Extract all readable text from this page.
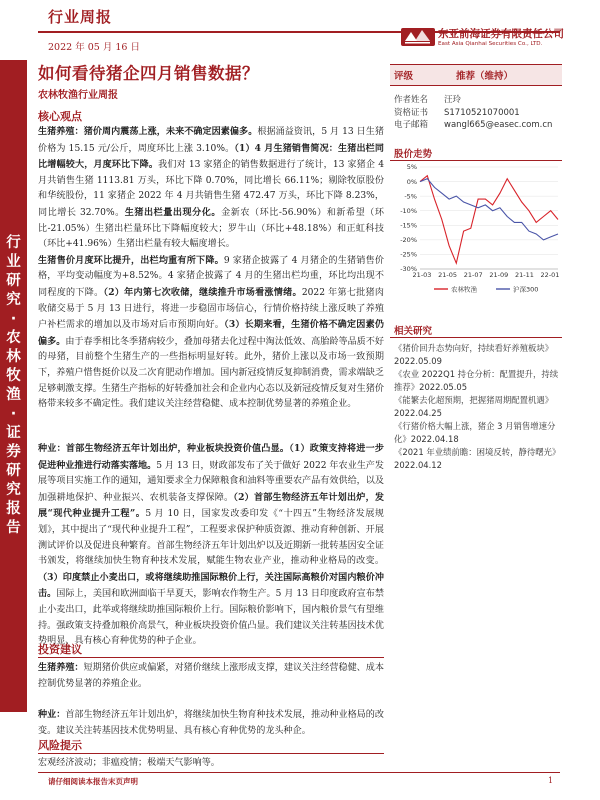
行业研究·农林牧渔·证券研究报告
行业周报
2022 年 05 月 16 日
东亚前海证券有限责任公司
East Asia Qianhai Securities Co., LTD.
如何看待猪企四月销售数据？
农林牧渔行业周报
核心观点
生猪养殖：猪价周内震荡上涨，未来不确定因素偏多。根据涌益资讯，5 月 13 日生猪价格为 15.15 元/公斤，周度环比上涨 3.10%。（1）4 月生猪销售简况：生猪出栏同比增幅较大，月度环比下降。我们对 13 家猪企的销售数据进行了统计，13 家猪企 4 月共销售生猪 1113.81 万头，环比下降 0.70%，同比增长 66.11%；剔除牧原股份和华统股份，11 家猪企 2022 年 4 月共销售生猪 472.47 万头，环比下降 8.23%，同比增长 32.70%。生猪出栏量出现分化。金新农（环比-56.90%）和新希望（环比-21.05%）生猪出栏量环比下降幅度较大；罗牛山（环比+48.18%）和正虹科技（环比+41.96%）生猪出栏量有较大幅度增长。
生猪售价月度环比提升，出栏均重有所下降。9 家猪企披露了 4 月猪企的生猪销售价格，平均变动幅度为+8.52%。4 家猪企披露了 4 月的生猪出栏均重，环比均出现不同程度的下降。（2）年内第七次收储，继续推升市场看涨情绪。2022 年第七批猪肉收储交易于 5 月 13 日进行，将进一步稳固市场信心，行情价格持续上涨反映了养殖户补栏需求的增加以及市场对后市预期向好。（3）长期来看，生猪价格不确定因素仍偏多。由于春季相比冬季猪病较少，叠加母猪去化过程中淘汰低效、高胎龄等品质不好的母猪，目前整个生猪生产的一些指标明显好转。此外，猪价上涨以及市场一致预期下，养殖户惜售挺价以及二次育肥动作增加。国内新冠疫情反复抑制消费，需求端缺乏足够刺激支撑。生猪生产指标的好转叠加社会和企业内心态以及新冠疫情反复对生猪价格带来较多不确定性。我们建议关注经营稳健、成本控制优势显著的养殖企业。
种业：首部生物经济五年计划出炉，种业板块投资价值凸显。（1）政策支持将进一步促进种业推进行动落实落地。5 月 13 日，财政部发布了关于做好 2022 年农业生产发展等项目实施工作的通知，通知要求全力保障粮食和油料等重要农产品有效供给，以及加强耕地保护、种业振兴、农机装备支撑保障。（2）首部生物经济五年计划出炉，发展“现代种业提升工程”。5 月 10 日，国家发改委印发《“十四五”生物经济发展规划》，其中提出了“现代种业提升工程”，工程要求保护种质资源、推动育种创新、开展测试评价以及促进良种繁育。首部生物经济五年计划出炉以及近期新一批转基因安全证书颁发，将继续加快生物育种技术发展，赋能生物农业产业，推动种业格局的改变。（3）印度禁止小麦出口，或将继续助推国际粮价上行，关注国际高粮价对国内粮价冲击。国际上，美国和欧洲面临干旱夏天，影响农作物生产。5 月 13 日印度政府宣布禁止小麦出口，此举或将继续助推国际粮价上行。国际粮价影响下，国内粮价景气有望维持。强政策支持叠加粮价高景气，种业板块投资价值凸显。我们建议关注转基因技术优势明显、具有核心育种优势的种子企业。
投资建议
生猪养殖：短期猪价供应或偏紧，对猪价继续上涨形成支撑，建议关注经营稳健、成本控制优势显著的养殖企业。
种业：首部生物经济五年计划出炉，将继续加快生物育种技术发展，推动种业格局的改变。建议关注转基因技术优势明显、具有核心育种优势的龙头种企。
风险提示
宏观经济波动；非瘟疫情；极端天气影响等。
评级	推荐（维持）
作者姓名	汪玲
资格证书	S1710521070001
电子邮箱	wangl665@easec.com.cn
股价走势
5%
0%
-5%
-10%
-15%
-20%
-25%
-30%
21-03 21-05 21-07 21-09 21-11 22-01
农林牧渔	沪深300
相关研究
《猪价回升态势向好，持续看好养殖板块》2022.05.09
《农业 2022Q1 持仓分析：配置提升，持续推荐》2022.05.05
《能繁去化超预期，把握猪周期配置机遇》2022.04.25
《行猪价格大幅上涨，猪企 3 月销售增速分化》2022.04.18
《2021 年业绩前瞻：困境反转，静待曙光》2022.04.12
请仔细阅读本报告末页声明	1
